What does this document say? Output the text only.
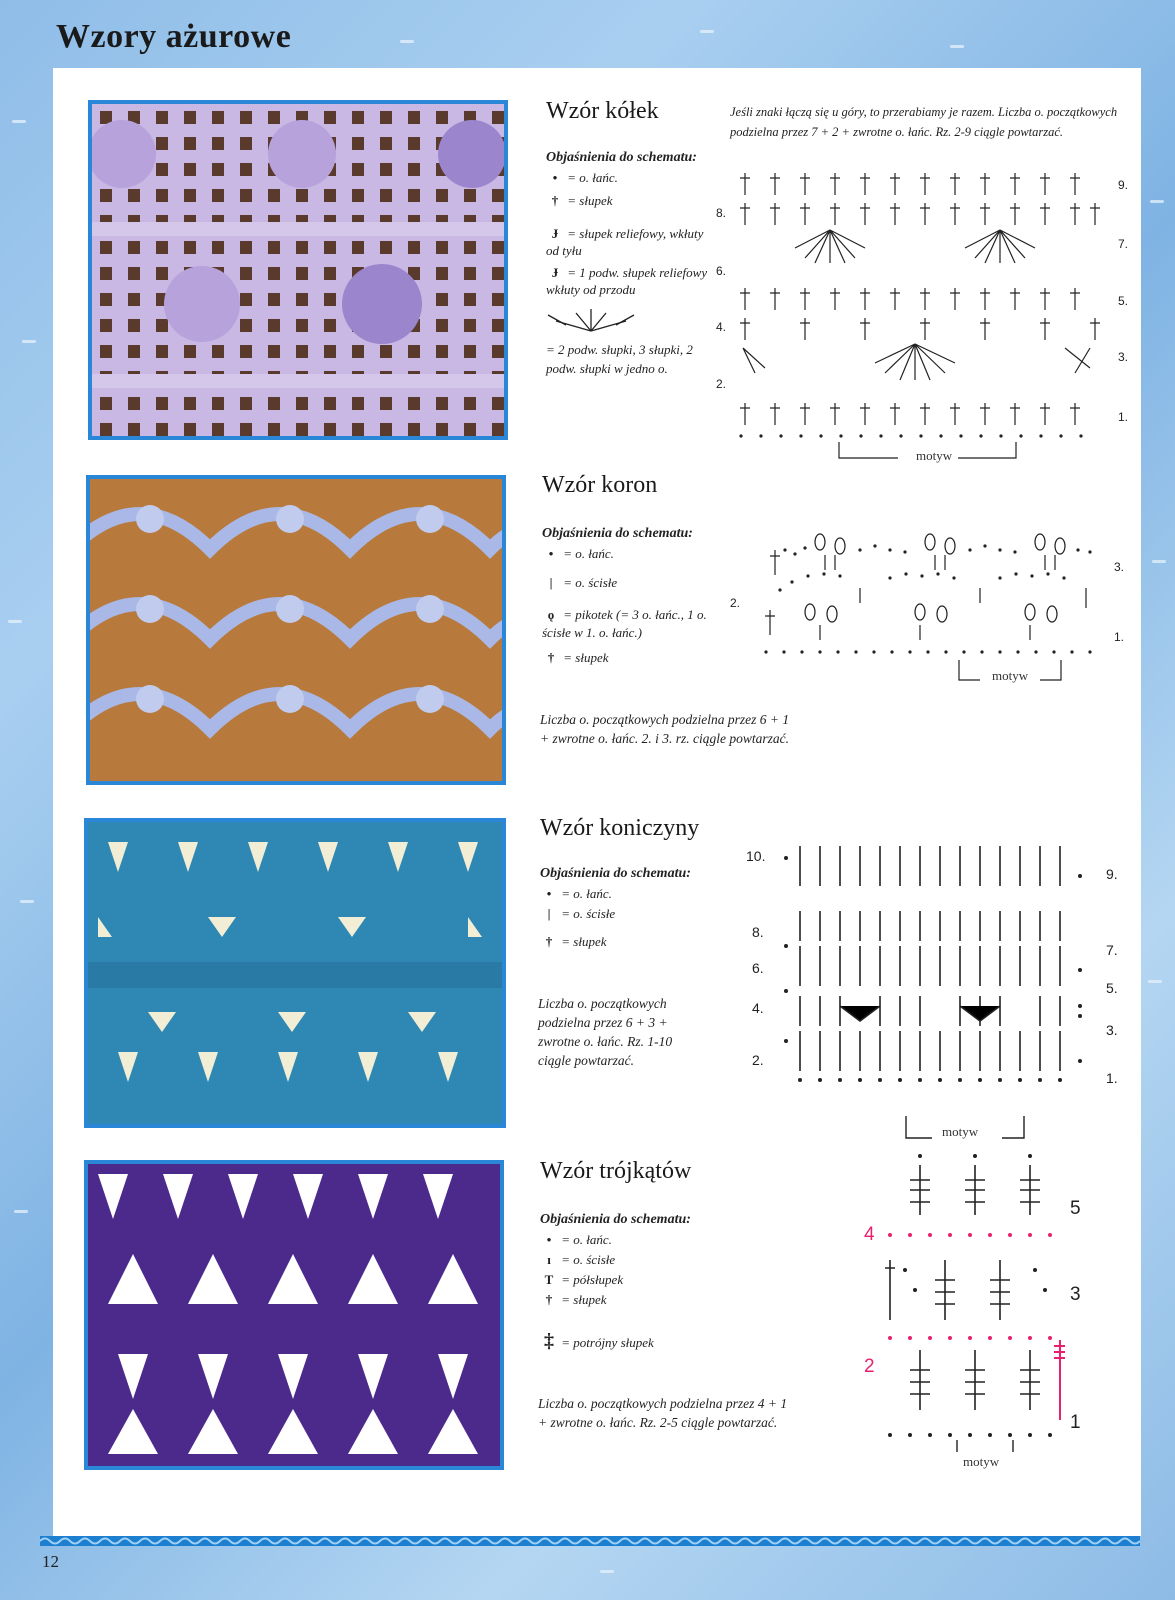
Wzory ażurowe
Wzór kółek
Objaśnienia do schematu:
• = o. łańc.
† = słupek
Ɉ = słupek reliefowy, wkłuty od tyłu
Ɉ = 1 podw. słupek reliefowy wkłuty od przodu
= 2 podw. słupki, 3 słupki, 2 podw. słupki w jedno o.
Jeśli znaki łączą się u góry, to przerabiamy je razem. Liczba o. początkowych podzielna przez 7 + 2 + zwrotne o. łańc. Rz. 2-9 ciągle powtarzać.
9.
7.
5.
3.
1.
8.
6.
4.
2.
motyw
Wzór koron
Objaśnienia do schematu:
• = o. łańc.
| = o. ścisłe
ǫ = pikotek (= 3 o. łańc., 1 o. ścisłe w 1. o. łańc.)
† = słupek
Liczba o. początkowych podzielna przez 6 + 1 + zwrotne o. łańc. 2. i 3. rz. ciągle powtarzać.
3.
1.
2.
motyw
Wzór koniczyny
Objaśnienia do schematu:
• = o. łańc.
| = o. ścisłe
† = słupek
Liczba o. początkowych podzielna przez 6 + 3 + zwrotne o. łańc. Rz. 1-10 ciągle powtarzać.
9.
7.
5.
3.
1.
10.
8.
6.
4.
2.
motyw
Wzór trójkątów
Objaśnienia do schematu:
• = o. łańc.
ı = o. ścisłe
T = półsłupek
† = słupek
‡ = potrójny słupek
Liczba o. początkowych podzielna przez 4 + 1 + zwrotne o. łańc. Rz. 2-5 ciągle powtarzać.
5
3
1
4
2
motyw
12
